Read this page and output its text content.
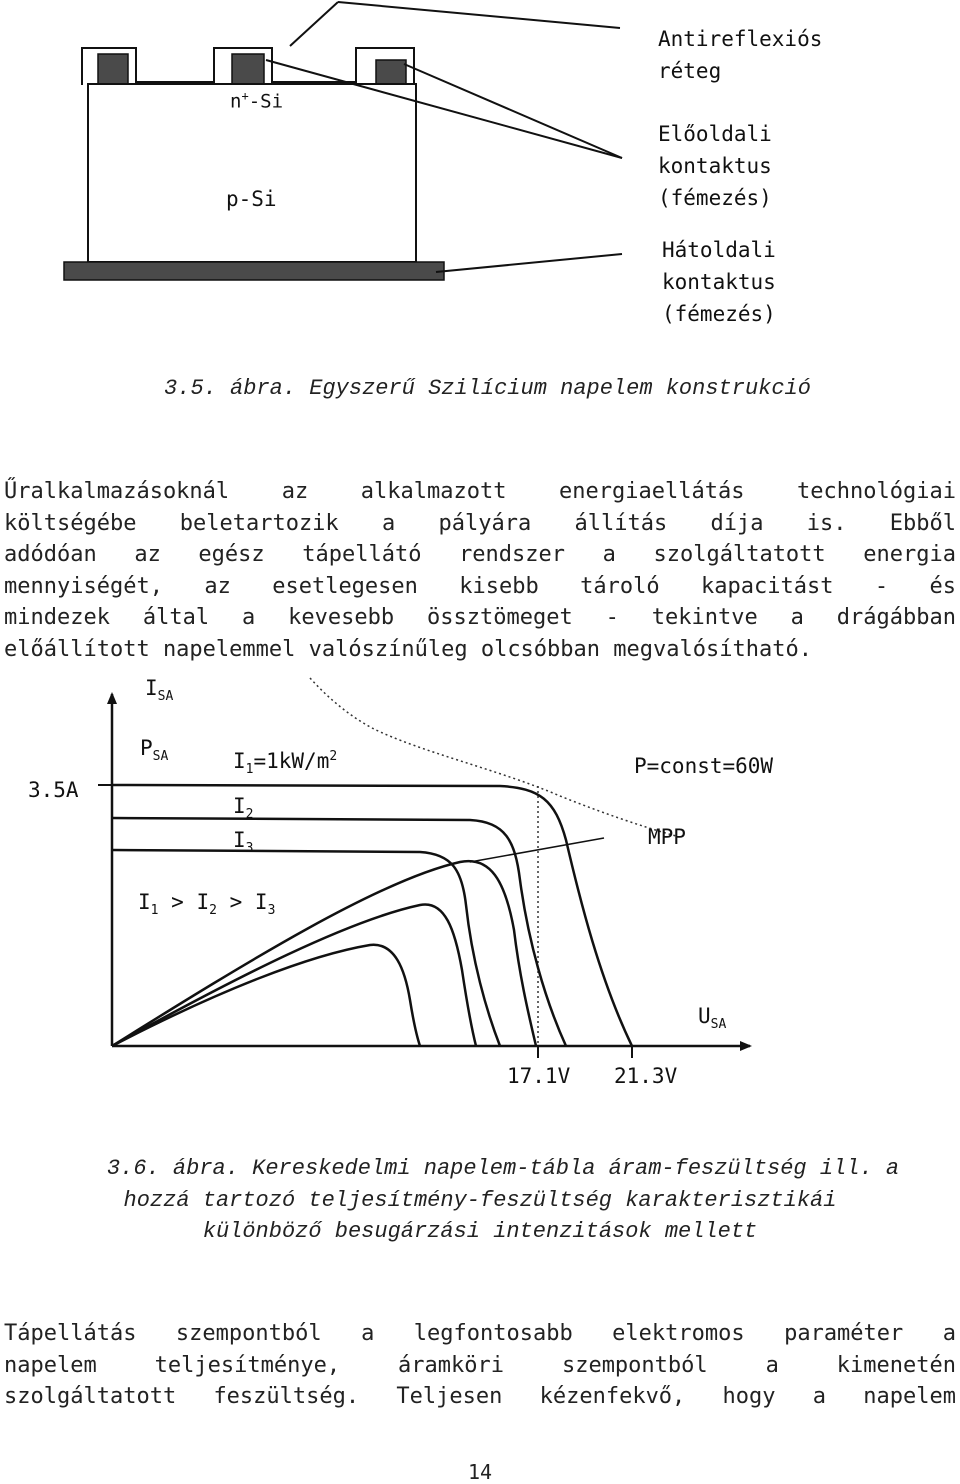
n+-Si
p-Si
Antireflexiós
réteg
Előoldali
kontaktus
(fémezés)
Hátoldali
kontaktus
(fémezés)
3.5. ábra. Egyszerű Szilícium napelem konstrukció
Űralkalmazásoknál az alkalmazott energiaellátás technológiai
költségébe beletartozik a pályára állítás díja is. Ebből
adódóan az egész tápellátó rendszer a szolgáltatott energia
mennyiségét, az esetlegesen kisebb tároló kapacitást - és
mindezek által a kevesebb össztömeget - tekintve a drágábban
előállított napelemmel valószínűleg olcsóbban megvalósítható.
$I_{SA}$
$P_{SA}$	$I_1=1kW/m^2$
$I_2$
$I_3$
3.5A
P=const=60W
MPP
$I_1 > I_2 > I_3$
$U_{SA}$
17.1V 21.3V
3.6. ábra. Kereskedelmi napelem-tábla áram-feszültség ill. a
hozzá tartozó teljesítmény-feszültség karakterisztikái
különböző besugárzási intenzitások mellett
Tápellátás szempontból a legfontosabb elektromos paraméter a
napelem teljesítménye, áramköri szempontból a kimenetén
szolgáltatott feszültség. Teljesen kézenfekvő, hogy a napelem
14
